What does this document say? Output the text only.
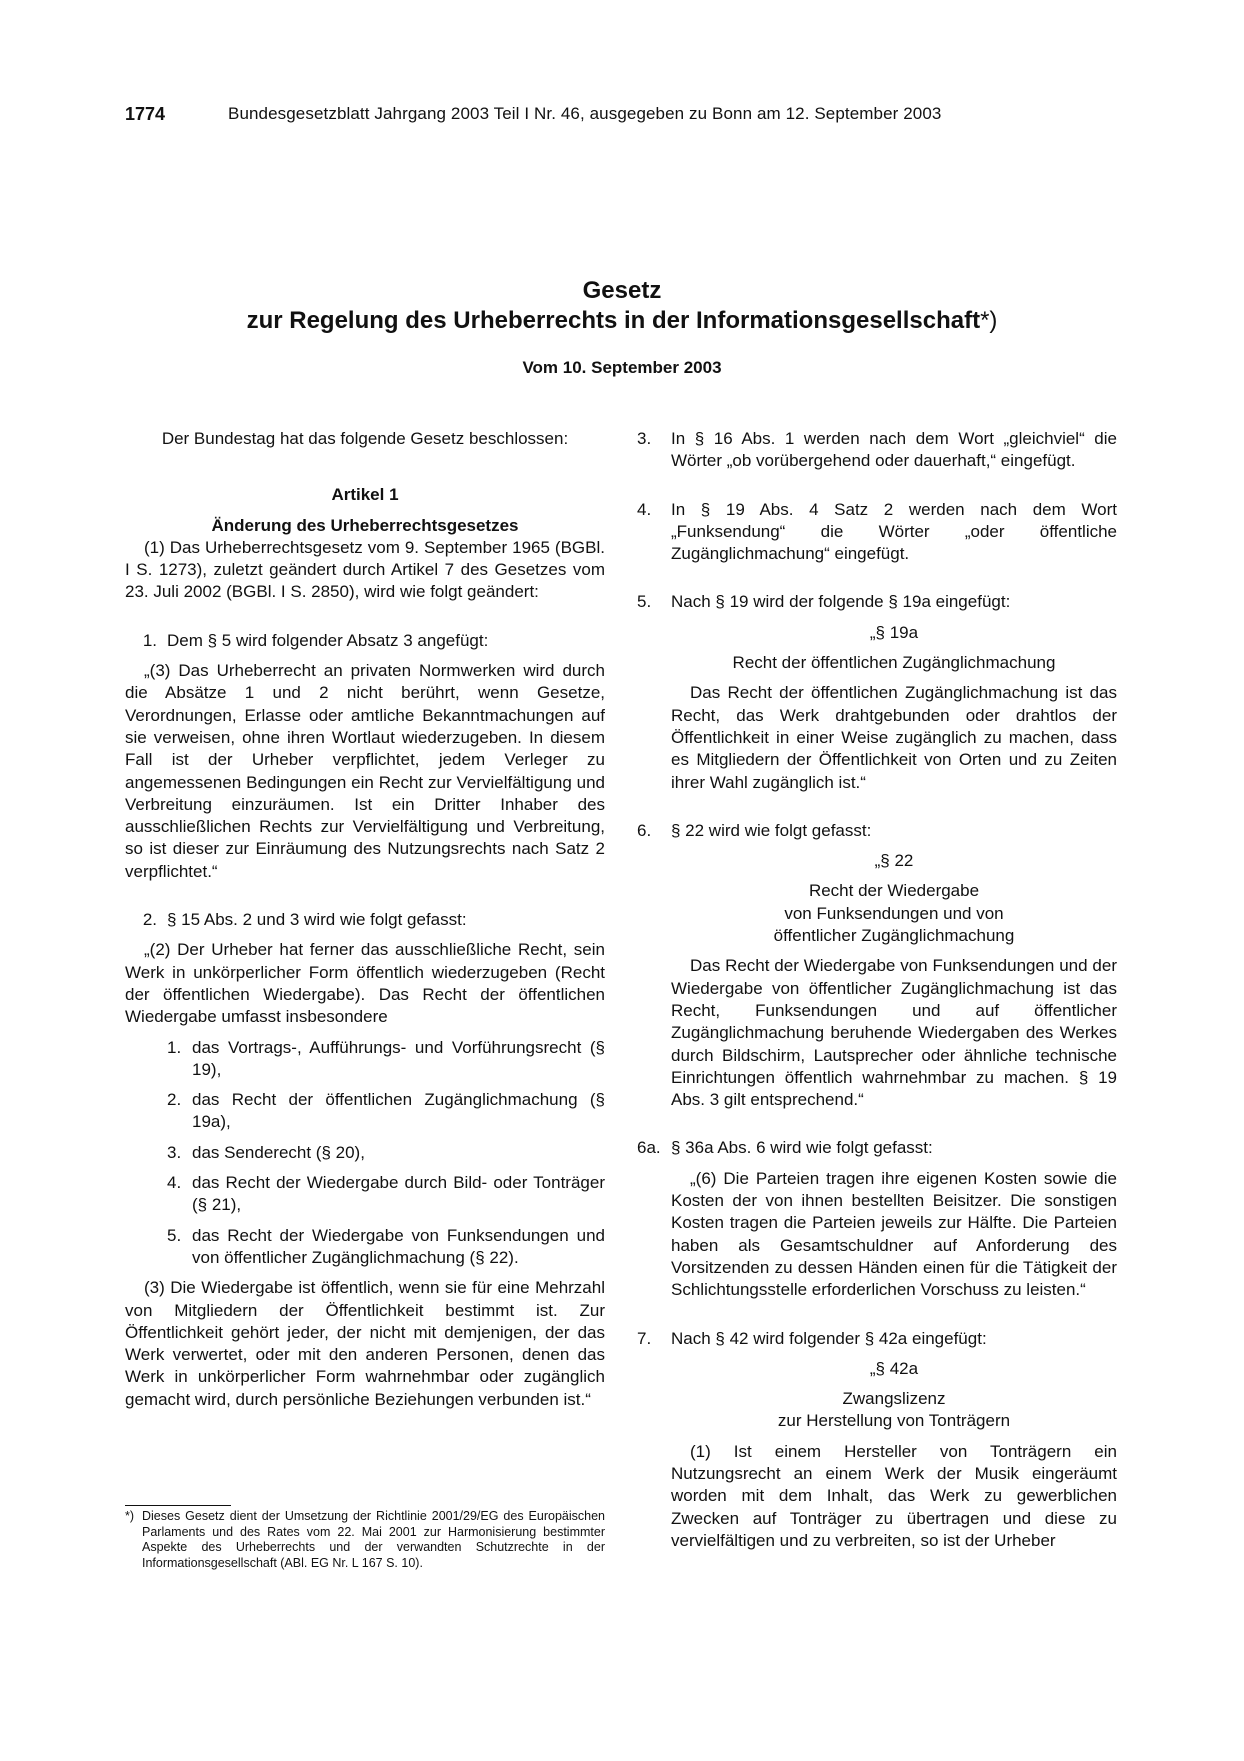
1774	Bundesgesetzblatt Jahrgang 2003 Teil I Nr. 46, ausgegeben zu Bonn am 12. September 2003
Gesetz
zur Regelung des Urheberrechts in der Informationsgesellschaft*)
Vom 10. September 2003

Der Bundestag hat das folgende Gesetz beschlossen:

Artikel 1

Änderung des Urheberrechtsgesetzes

(1) Das Urheberrechtsgesetz vom 9. September 1965 (BGBl. I S. 1273), zuletzt geändert durch Artikel 7 des Gesetzes vom 23. Juli 2002 (BGBl. I S. 2850), wird wie folgt geändert:

1. Dem § 5 wird folgender Absatz 3 angefügt:

„(3) Das Urheberrecht an privaten Normwerken wird durch die Absätze 1 und 2 nicht berührt, wenn Gesetze, Verordnungen, Erlasse oder amtliche Bekanntmachungen auf sie verweisen, ohne ihren Wortlaut wiederzugeben. In diesem Fall ist der Urheber verpflichtet, jedem Verleger zu angemessenen Bedingungen ein Recht zur Vervielfältigung und Verbreitung einzuräumen. Ist ein Dritter Inhaber des ausschließlichen Rechts zur Vervielfältigung und Verbreitung, so ist dieser zur Einräumung des Nutzungsrechts nach Satz 2 verpflichtet.“

2. § 15 Abs. 2 und 3 wird wie folgt gefasst:

„(2) Der Urheber hat ferner das ausschließliche Recht, sein Werk in unkörperlicher Form öffentlich wiederzugeben (Recht der öffentlichen Wiedergabe). Das Recht der öffentlichen Wiedergabe umfasst insbesondere

1. das Vortrags-, Aufführungs- und Vorführungsrecht (§ 19),
2. das Recht der öffentlichen Zugänglichmachung (§ 19a),
3. das Senderecht (§ 20),
4. das Recht der Wiedergabe durch Bild- oder Tonträger (§ 21),
5. das Recht der Wiedergabe von Funksendungen und von öffentlicher Zugänglichmachung (§ 22).

(3) Die Wiedergabe ist öffentlich, wenn sie für eine Mehrzahl von Mitgliedern der Öffentlichkeit bestimmt ist. Zur Öffentlichkeit gehört jeder, der nicht mit demjenigen, der das Werk verwertet, oder mit den anderen Personen, denen das Werk in unkörperlicher Form wahrnehmbar oder zugänglich gemacht wird, durch persönliche Beziehungen verbunden ist.“

3.	In § 16 Abs. 1 werden nach dem Wort „gleichviel“ die Wörter „ob vorübergehend oder dauerhaft,“ eingefügt.
4.	In § 19 Abs. 4 Satz 2 werden nach dem Wort „Funksendung“ die Wörter „oder öffentliche Zugänglichmachung“ eingefügt.
5.	Nach § 19 wird der folgende § 19a eingefügt:

„§ 19a

Recht der öffentlichen Zugänglichmachung

Das Recht der öffentlichen Zugänglichmachung ist das Recht, das Werk drahtgebunden oder drahtlos der Öffentlichkeit in einer Weise zugänglich zu machen, dass es Mitgliedern der Öffentlichkeit von Orten und zu Zeiten ihrer Wahl zugänglich ist.“

6.	§ 22 wird wie folgt gefasst:

„§ 22

Recht der Wiedergabe

von Funksendungen und von

öffentlicher Zugänglichmachung

Das Recht der Wiedergabe von Funksendungen und der Wiedergabe von öffentlicher Zugänglichmachung ist das Recht, Funksendungen und auf öffentlicher Zugänglichmachung beruhende Wiedergaben des Werkes durch Bildschirm, Lautsprecher oder ähnliche technische Einrichtungen öffentlich wahrnehmbar zu machen. § 19 Abs. 3 gilt entsprechend.“

6a. § 36a Abs. 6 wird wie folgt gefasst:

„(6) Die Parteien tragen ihre eigenen Kosten sowie die Kosten der von ihnen bestellten Beisitzer. Die sonstigen Kosten tragen die Parteien jeweils zur Hälfte. Die Parteien haben als Gesamtschuldner auf Anforderung des Vorsitzenden zu dessen Händen einen für die Tätigkeit der Schlichtungsstelle erforderlichen Vorschuss zu leisten.“

7.	Nach § 42 wird folgender § 42a eingefügt:

„§ 42a

Zwangslizenz

zur Herstellung von Tonträgern

(1) Ist einem Hersteller von Tonträgern ein Nutzungsrecht an einem Werk der Musik eingeräumt worden mit dem Inhalt, das Werk zu gewerblichen Zwecken auf Tonträger zu übertragen und diese zu vervielfältigen und zu verbreiten, so ist der Urheber

*) Dieses Gesetz dient der Umsetzung der Richtlinie 2001/29/EG des Europäischen Parlaments und des Rates vom 22. Mai 2001 zur Harmonisierung bestimmter Aspekte des Urheberrechts und der verwandten Schutzrechte in der Informationsgesellschaft (ABl. EG Nr. L 167 S. 10).
